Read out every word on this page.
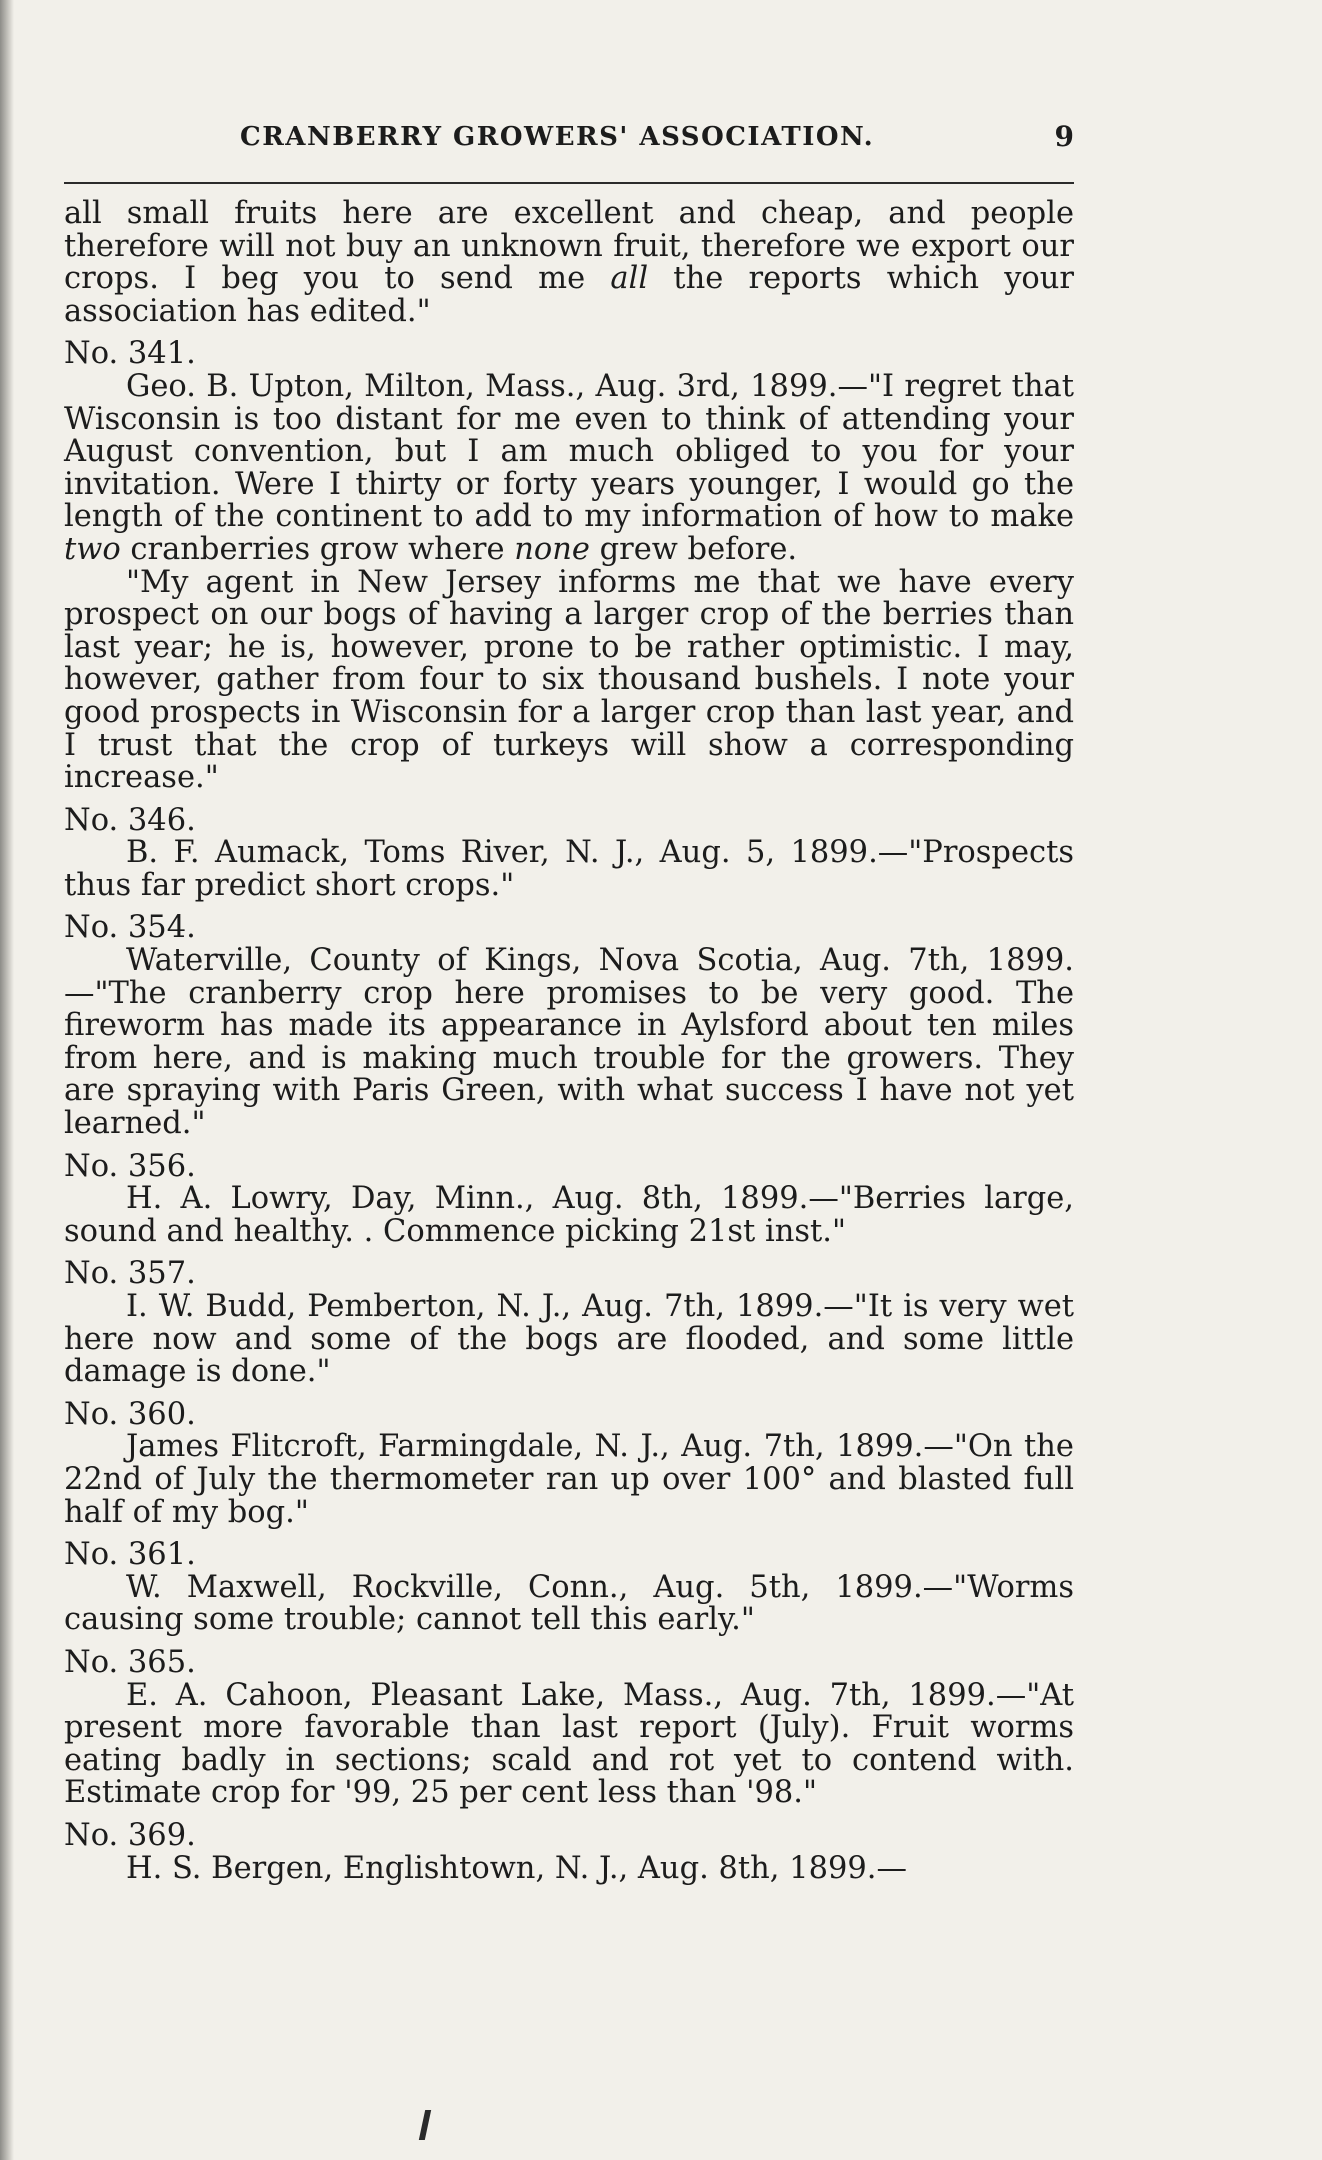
CRANBERRY GROWERS' ASSOCIATION.	9

all small fruits here are excellent and cheap, and people therefore will not buy an unknown fruit, therefore we export our crops. I beg you to send me all the reports which your association has edited."

No. 341.

Geo. B. Upton, Milton, Mass., Aug. 3rd, 1899.—"I regret that Wisconsin is too distant for me even to think of attending your August convention, but I am much obliged to you for your invitation. Were I thirty or forty years younger, I would go the length of the continent to add to my information of how to make two cranberries grow where none grew before.

"My agent in New Jersey informs me that we have every prospect on our bogs of having a larger crop of the berries than last year; he is, however, prone to be rather optimistic. I may, however, gather from four to six thousand bushels. I note your good prospects in Wisconsin for a larger crop than last year, and I trust that the crop of turkeys will show a corresponding increase."

No. 346.

B. F. Aumack, Toms River, N. J., Aug. 5, 1899.—"Prospects thus far predict short crops."

No. 354.

Waterville, County of Kings, Nova Scotia, Aug. 7th, 1899.—"The cranberry crop here promises to be very good. The fireworm has made its appearance in Aylsford about ten miles from here, and is making much trouble for the growers. They are spraying with Paris Green, with what success I have not yet learned."

No. 356.

H. A. Lowry, Day, Minn., Aug. 8th, 1899.—"Berries large, sound and healthy. . Commence picking 21st inst."

No. 357.

I. W. Budd, Pemberton, N. J., Aug. 7th, 1899.—"It is very wet here now and some of the bogs are flooded, and some little damage is done."

No. 360.

James Flitcroft, Farmingdale, N. J., Aug. 7th, 1899.—"On the 22nd of July the thermometer ran up over 100° and blasted full half of my bog."

No. 361.

W. Maxwell, Rockville, Conn., Aug. 5th, 1899.—"Worms causing some trouble; cannot tell this early."

No. 365.

E. A. Cahoon, Pleasant Lake, Mass., Aug. 7th, 1899.—"At present more favorable than last report (July). Fruit worms eating badly in sections; scald and rot yet to contend with. Estimate crop for '99, 25 per cent less than '98."

No. 369.

H. S. Bergen, Englishtown, N. J., Aug. 8th, 1899.—
